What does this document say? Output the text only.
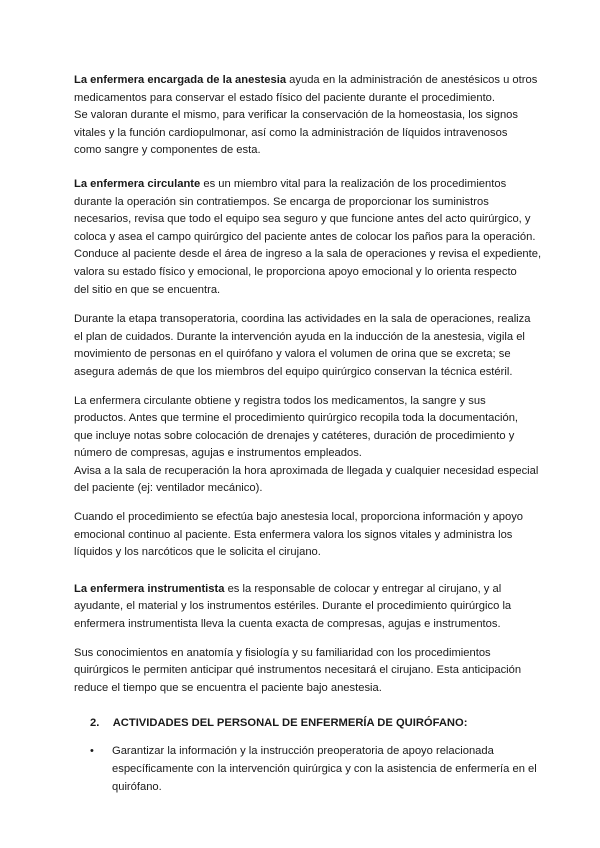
La enfermera encargada de la anestesia ayuda en la administración de anestésicos u otros
medicamentos para conservar el estado físico del paciente durante el procedimiento.
Se valoran durante el mismo, para verificar la conservación de la homeostasia, los signos
vitales y la función cardiopulmonar, así como la administración de líquidos intravenosos
como sangre y componentes de esta.

La enfermera circulante es un miembro vital para la realización de los procedimientos
durante la operación sin contratiempos. Se encarga de proporcionar los suministros
necesarios, revisa que todo el equipo sea seguro y que funcione antes del acto quirúrgico, y
coloca y asea el campo quirúrgico del paciente antes de colocar los paños para la operación.
Conduce al paciente desde el área de ingreso a la sala de operaciones y revisa el expediente,
valora su estado físico y emocional, le proporciona apoyo emocional y lo orienta respecto
del sitio en que se encuentra.

Durante la etapa transoperatoria, coordina las actividades en la sala de operaciones, realiza
el plan de cuidados. Durante la intervención ayuda en la inducción de la anestesia, vigila el
movimiento de personas en el quirófano y valora el volumen de orina que se excreta; se
asegura además de que los miembros del equipo quirúrgico conservan la técnica estéril.

La enfermera circulante obtiene y registra todos los medicamentos, la sangre y sus
productos. Antes que termine el procedimiento quirúrgico recopila toda la documentación,
que incluye notas sobre colocación de drenajes y catéteres, duración de procedimiento y
número de compresas, agujas e instrumentos empleados.
Avisa a la sala de recuperación la hora aproximada de llegada y cualquier necesidad especial
del paciente (ej: ventilador mecánico).

Cuando el procedimiento se efectúa bajo anestesia local, proporciona información y apoyo
emocional continuo al paciente. Esta enfermera valora los signos vitales y administra los
líquidos y los narcóticos que le solicita el cirujano.

La enfermera instrumentista es la responsable de colocar y entregar al cirujano, y al
ayudante, el material y los instrumentos estériles. Durante el procedimiento quirúrgico la
enfermera instrumentista lleva la cuenta exacta de compresas, agujas e instrumentos.

Sus conocimientos en anatomía y fisiología y su familiaridad con los procedimientos
quirúrgicos le permiten anticipar qué instrumentos necesitará el cirujano. Esta anticipación
reduce el tiempo que se encuentra el paciente bajo anestesia.

2. ACTIVIDADES DEL PERSONAL DE ENFERMERÍA DE QUIRÓFANO:
• Garantizar la información y la instrucción preoperatoria de apoyo relacionada
específicamente con la intervención quirúrgica y con la asistencia de enfermería en el
quirófano.
